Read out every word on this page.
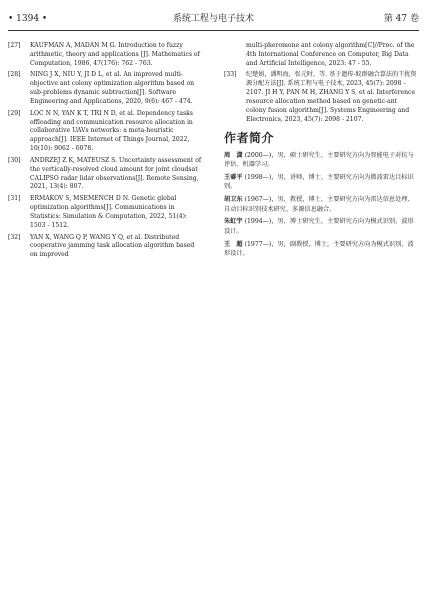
• 1394 •	系统工程与电子技术	第 47 卷
[27]	KAUFMAN A, MADAN M G. Introduction to fuzzy arithmetic, theory and applications [J]. Mathematics of Computation, 1986, 47(176): 762 - 763.
[28]	NING J X, NIU Y, JI D L, et al. An improved multi-objective ant colony optimization algorithm based on sub-problems dynamic subtraction[J]. Software Engineering and Applications, 2020, 9(6): 467 - 474.
[29]	LOC N N, YAN K T, TRI N D, et al. Dependency tasks offloading and communication resource allocation in collaborative UAVs networks: a meta-heuristic approach[J]. IEEE Internet of Things Journal, 2022, 10(10): 9062 - 6078.
[30]	ANDRZEJ Z K, MATEUSZ S. Uncertainty assessment of the vertically-resolved cloud amount for joint cloudsat CALIPSO radar lidar observations[J]. Remote Sensing, 2021, 13(4): 807.
[31]	ERMAKOV S, MSEMENCH D N. Genetic global optimization algorithms[J]. Communications in Statistics: Simulation & Computation, 2022, 51(4): 1503 - 1512.
[32]	YAN X, WANG Q P, WANG Y Q, et al. Distributed cooperative jamming task allocation algorithm based on improved
multi-pheromone ant colony algorithm[C]//Proc. of the 4th International Conference on Computer, Big Data and Artificial Intelligence, 2023: 47 - 55.
[33]	纪楚娟，潘明海，张元时，等. 基于遗传-蚁群融合算法的干扰资源分配方法[J]. 系统工程与电子技术, 2023, 45(7): 2098 - 2107. JI H Y, PAN M H, ZHANG Y S, et al. Interference resource allocation method based on genetic-ant colony fusion algorithm[J]. Systems Engineering and Electronics, 2023, 45(7): 2098 - 2107.
作者简介
周　潇 (2000—)，男，硕士研究生，主要研究方向为智能电子对抗与评估、机器学习。
王睿平 (1998—)，男，讲师，博士，主要研究方向为微波雷达目标识别。
胡卫东 (1967—)，男，教授，博士，主要研究方向为雷达信息处理、自动目标识别技术研究、多源信息融合。
朱虹宇 (1994—)，男，博士研究生，主要研究方向为模式识别、波形设计。
王　超 (1977—)，男，副教授，博士，主要研究方向为模式识别、波形设计。
